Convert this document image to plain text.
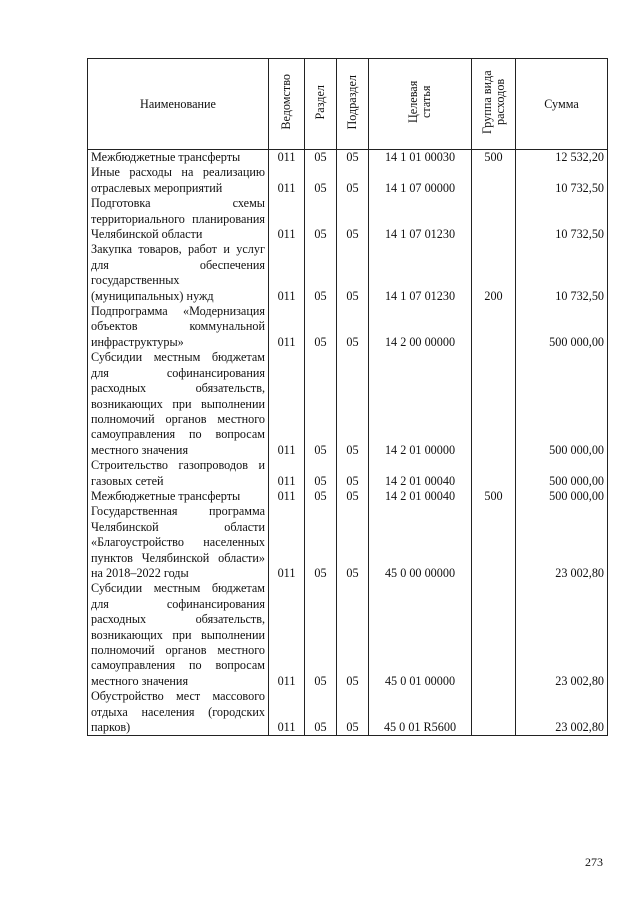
Наименование	Ведомство	Раздел	Подраздел	Целевая статья	Группа вида расходов	Сумма
Межбюджетные трансферты	011	05	05	14 1 01 00030	500	12 532,20
Иные расходы на реализацию отраслевых мероприятий	011	05	05	14 1 07 00000		10 732,50
Подготовка схемы территориального планирования Челябинской области	011	05	05	14 1 07 01230		10 732,50
Закупка товаров, работ и услуг для обеспечения государственных (муниципальных) нужд	011	05	05	14 1 07 01230	200	10 732,50
Подпрограмма «Модернизация объектов коммунальной инфраструктуры»	011	05	05	14 2 00 00000		500 000,00
Субсидии местным бюджетам для софинансирования расходных обязательств, возникающих при выполнении полномочий органов местного самоуправления по вопросам местного значения	011	05	05	14 2 01 00000		500 000,00
Строительство газопроводов и газовых сетей	011	05	05	14 2 01 00040		500 000,00
Межбюджетные трансферты	011	05	05	14 2 01 00040	500	500 000,00
Государственная программа Челябинской области «Благоустройство населенных пунктов Челябинской области» на 2018–2022 годы	011	05	05	45 0 00 00000		23 002,80
Субсидии местным бюджетам для софинансирования расходных обязательств, возникающих при выполнении полномочий органов местного самоуправления по вопросам местного значения	011	05	05	45 0 01 00000		23 002,80
Обустройство мест массового отдыха населения (городских парков)	011	05	05	45 0 01 R5600		23 002,80
273
